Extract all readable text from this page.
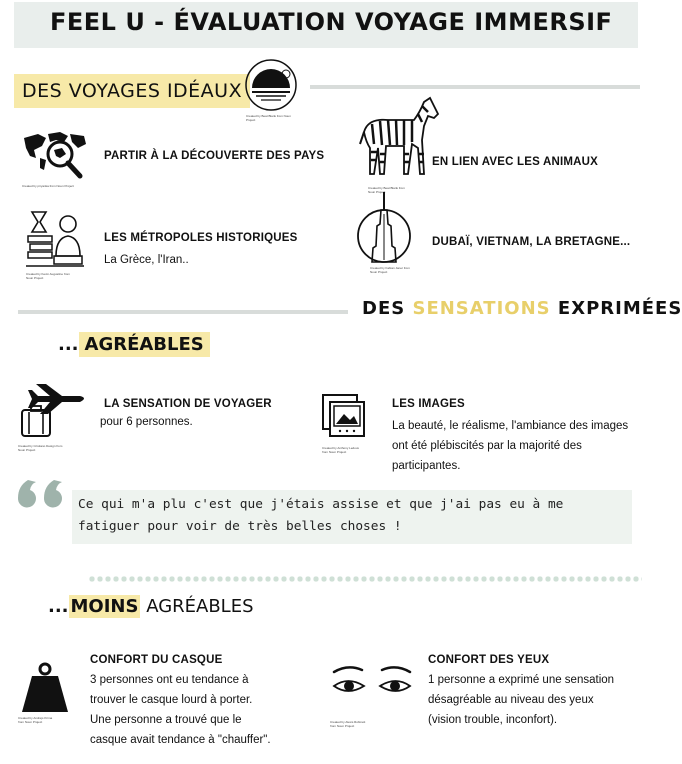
FEEL U - ÉVALUATION VOYAGE IMMERSIF
DES VOYAGES IDÉAUX
Created by Beat Blank from Noun Project
Created by priyanka from Noun Project
PARTIR À LA DÉCOUVERTE DES PAYS
Created by Beat Blank from Noun Project
EN LIEN AVEC LES ANIMAUX
Created by Kevin Augustine from Noun Project
LES MÉTROPOLES HISTORIQUES
La Grèce, l'Iran..
Created by Fabian Janer from Noun Project
DUBAÏ, VIETNAM, LA BRETAGNE...
DES SENSATIONS EXPRIMÉES
... AGRÉABLES
Created by Cristiano Design from Noun Project
LA SENSATION DE VOYAGER
pour 6 personnes.
Created by Anthony Ledoux from Noun Project
LES IMAGES
La beauté, le réalisme, l'ambiance des images
ont été plébiscités par la majorité des
participantes.
Ce qui m'a plu c'est que j'étais assise et que j'ai pas eu à me fatiguer pour voir de très belles choses !
... MOINS AGRÉABLES
Created by Andrejs Kirma from Noun Project
CONFORT DU CASQUE
3 personnes ont eu tendance à
trouver le casque lourd à porter.
Une personne a trouvé que le
casque avait tendance à "chauffer".
Created by Alexis Robinett from Noun Project
CONFORT DES YEUX
1 personne a exprimé une sensation
désagréable au niveau des yeux
(vision trouble, inconfort).
